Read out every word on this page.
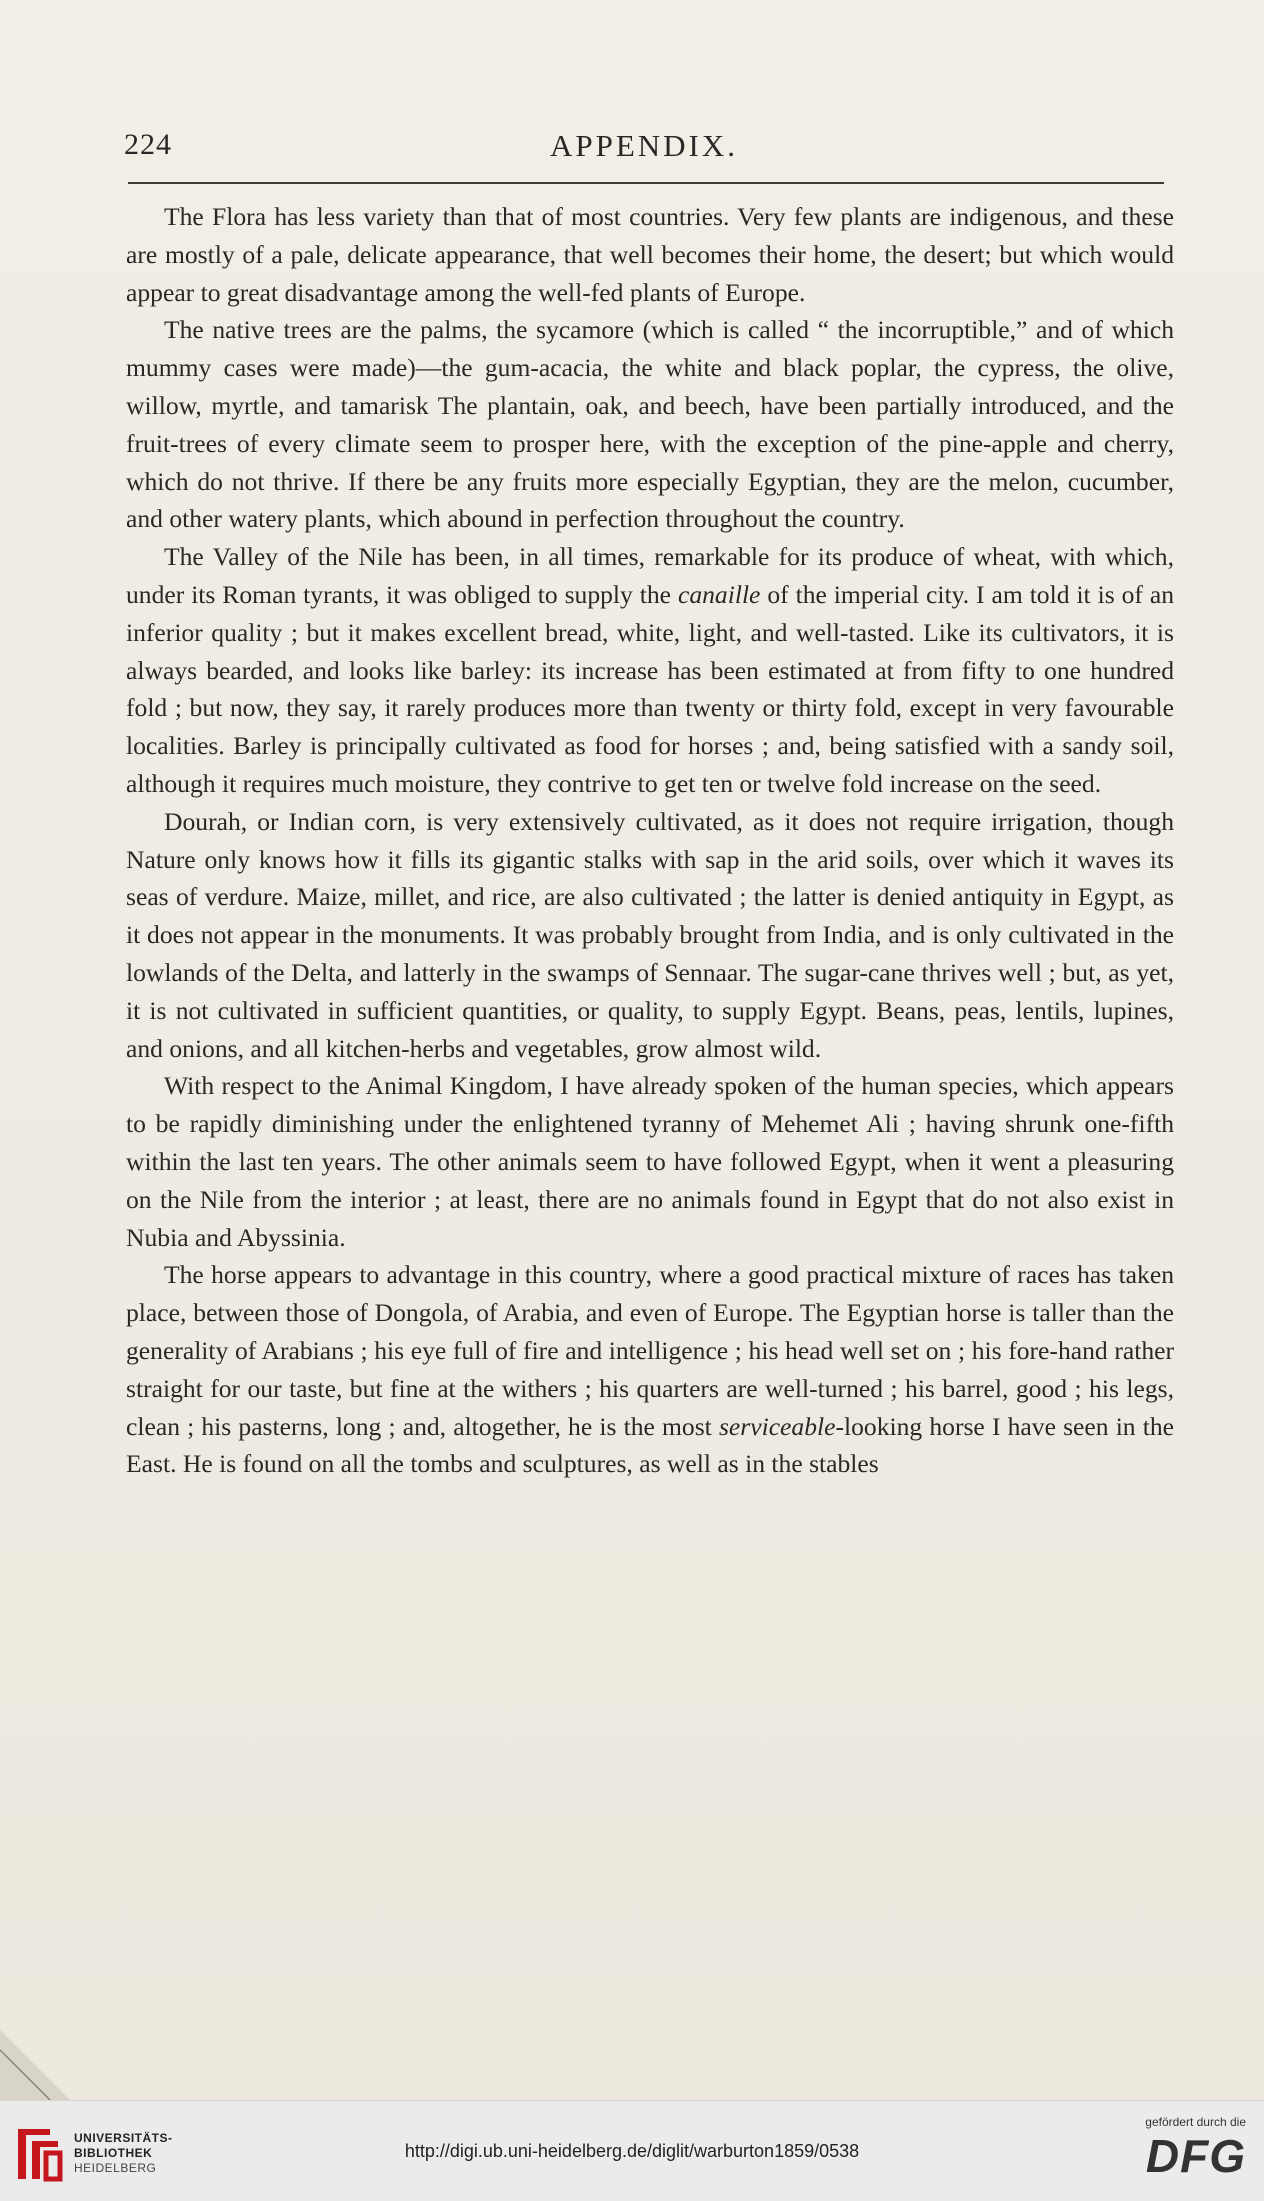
224	APPENDIX.

The Flora has less variety than that of most countries. Very few plants are indigenous, and these are mostly of a pale, delicate appearance, that well becomes their home, the desert; but which would appear to great disadvantage among the well-fed plants of Europe.

The native trees are the palms, the sycamore (which is called “ the incorruptible,” and of which mummy cases were made)—the gum-acacia, the white and black poplar, the cypress, the olive, willow, myrtle, and tamarisk The plantain, oak, and beech, have been partially introduced, and the fruit-trees of every climate seem to prosper here, with the exception of the pine-apple and cherry, which do not thrive. If there be any fruits more especially Egyptian, they are the melon, cucumber, and other watery plants, which abound in perfection throughout the country.

The Valley of the Nile has been, in all times, remarkable for its produce of wheat, with which, under its Roman tyrants, it was obliged to supply the canaille of the imperial city. I am told it is of an inferior quality ; but it makes excellent bread, white, light, and well-tasted. Like its cultivators, it is always bearded, and looks like barley: its increase has been estimated at from fifty to one hundred fold ; but now, they say, it rarely produces more than twenty or thirty fold, except in very favourable localities. Barley is principally cultivated as food for horses ; and, being satisfied with a sandy soil, although it requires much moisture, they contrive to get ten or twelve fold increase on the seed.

Dourah, or Indian corn, is very extensively cultivated, as it does not require irrigation, though Nature only knows how it fills its gigantic stalks with sap in the arid soils, over which it waves its seas of verdure. Maize, millet, and rice, are also cultivated ; the latter is denied antiquity in Egypt, as it does not appear in the monuments. It was probably brought from India, and is only cultivated in the lowlands of the Delta, and latterly in the swamps of Sennaar. The sugar-cane thrives well ; but, as yet, it is not cultivated in sufficient quantities, or quality, to supply Egypt. Beans, peas, lentils, lupines, and onions, and all kitchen-herbs and vegetables, grow almost wild.

With respect to the Animal Kingdom, I have already spoken of the human species, which appears to be rapidly diminishing under the enlightened tyranny of Mehemet Ali ; having shrunk one-fifth within the last ten years. The other animals seem to have followed Egypt, when it went a pleasuring on the Nile from the interior ; at least, there are no animals found in Egypt that do not also exist in Nubia and Abyssinia.

The horse appears to advantage in this country, where a good practical mixture of races has taken place, between those of Dongola, of Arabia, and even of Europe. The Egyptian horse is taller than the generality of Arabians ; his eye full of fire and intelligence ; his head well set on ; his fore-hand rather straight for our taste, but fine at the withers ; his quarters are well-turned ; his barrel, good ; his legs, clean ; his pasterns, long ; and, altogether, he is the most serviceable-looking horse I have seen in the East. He is found on all the tombs and sculptures, as well as in the stables

UNIVERSITÄTS-
BIBLIOTHEK
HEIDELBERG
http://digi.ub.uni-heidelberg.de/diglit/warburton1859/0538
gefördert durch die
DFG
